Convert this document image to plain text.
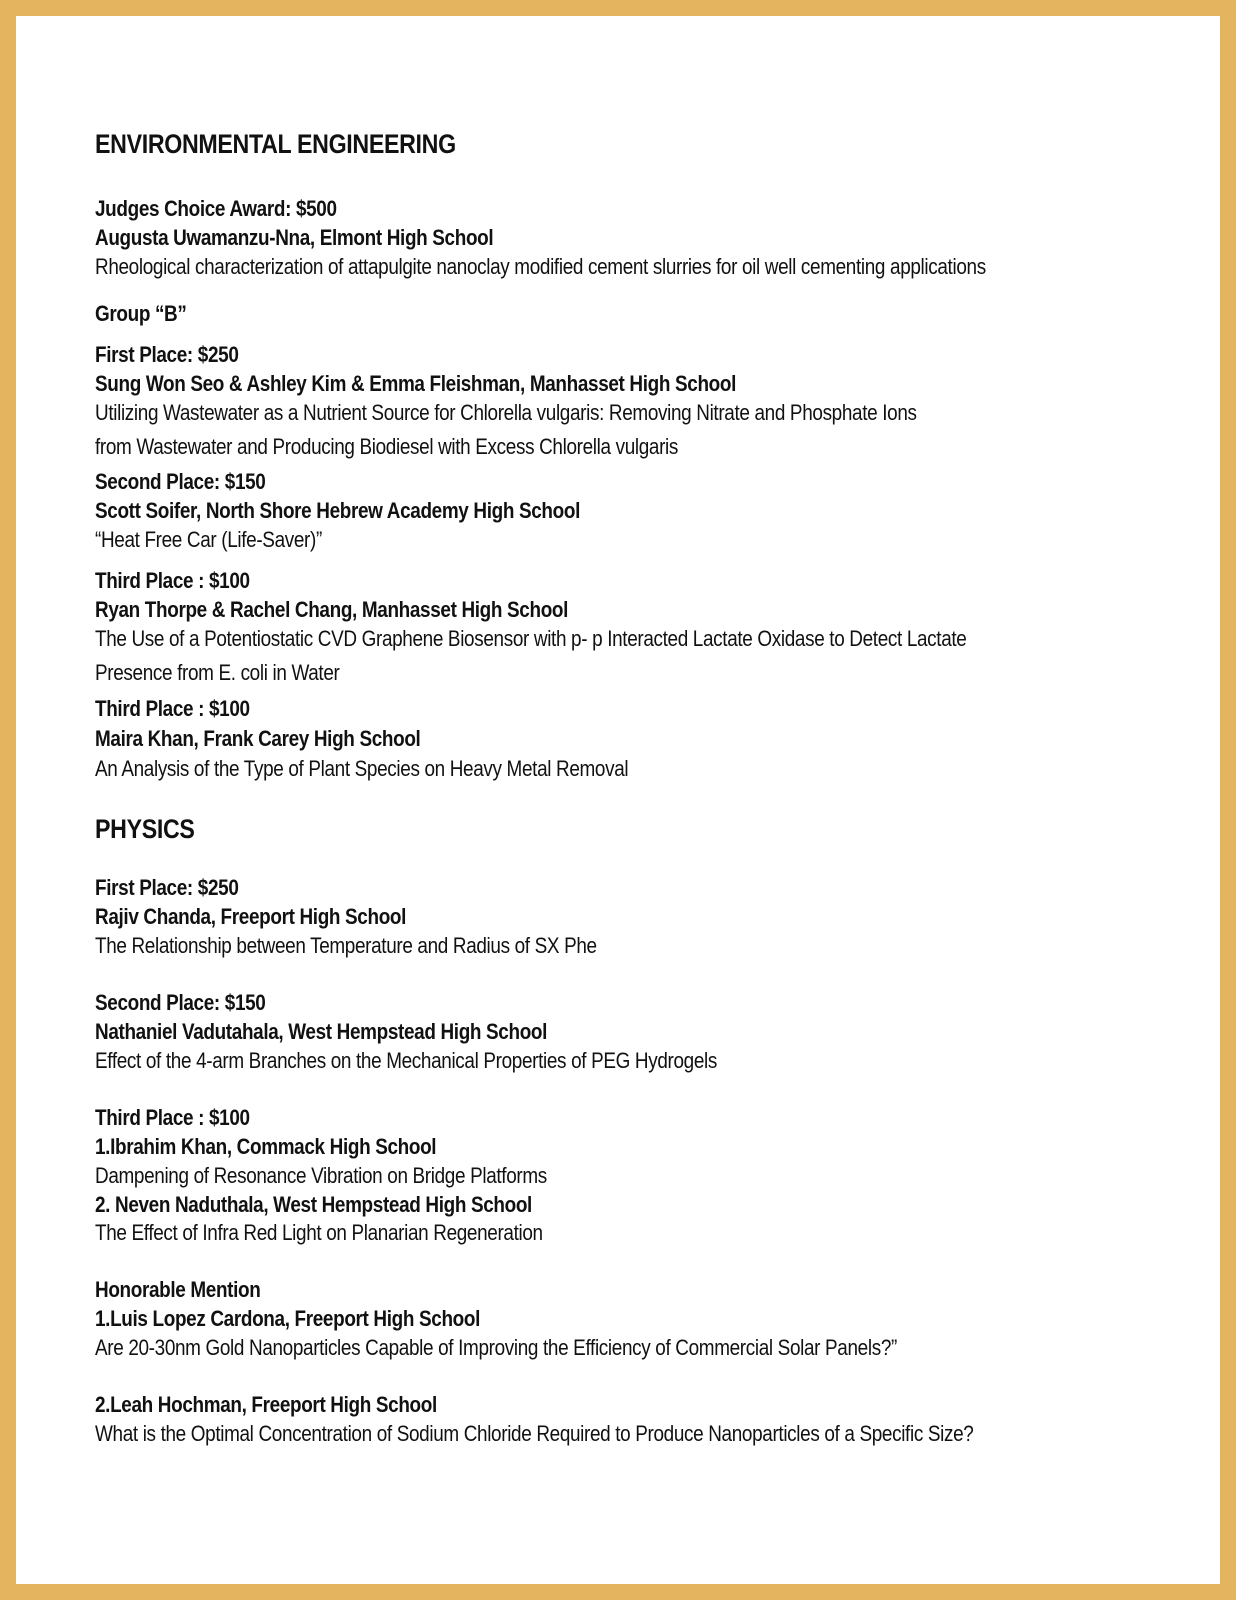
ENVIRONMENTAL ENGINEERING
Judges Choice Award: $500
Augusta Uwamanzu-Nna, Elmont High School
Rheological characterization of attapulgite nanoclay modified cement slurries for oil well cementing applications
Group “B”
First Place: $250
Sung Won Seo & Ashley Kim & Emma Fleishman, Manhasset High School
Utilizing Wastewater as a Nutrient Source for Chlorella vulgaris: Removing Nitrate and Phosphate Ions
from Wastewater and Producing Biodiesel with Excess Chlorella vulgaris
Second Place: $150
Scott Soifer, North Shore Hebrew Academy High School
“Heat Free Car (Life-Saver)”
Third Place : $100
Ryan Thorpe & Rachel Chang, Manhasset High School
The Use of a Potentiostatic CVD Graphene Biosensor with p- p Interacted Lactate Oxidase to Detect Lactate
Presence from E. coli in Water
Third Place : $100
Maira Khan, Frank Carey High School
An Analysis of the Type of Plant Species on Heavy Metal Removal
PHYSICS
First Place: $250
Rajiv Chanda, Freeport High School
The Relationship between Temperature and Radius of SX Phe
Second Place: $150
Nathaniel Vadutahala, West Hempstead High School
Effect of the 4-arm Branches on the Mechanical Properties of PEG Hydrogels
Third Place : $100
1.Ibrahim Khan, Commack High School
Dampening of Resonance Vibration on Bridge Platforms
2. Neven Naduthala, West Hempstead High School
The Effect of Infra Red Light on Planarian Regeneration
Honorable Mention
1.Luis Lopez Cardona, Freeport High School
Are 20-30nm Gold Nanoparticles Capable of Improving the Efficiency of Commercial Solar Panels?”
2.Leah Hochman, Freeport High School
What is the Optimal Concentration of Sodium Chloride Required to Produce Nanoparticles of a Specific Size?
